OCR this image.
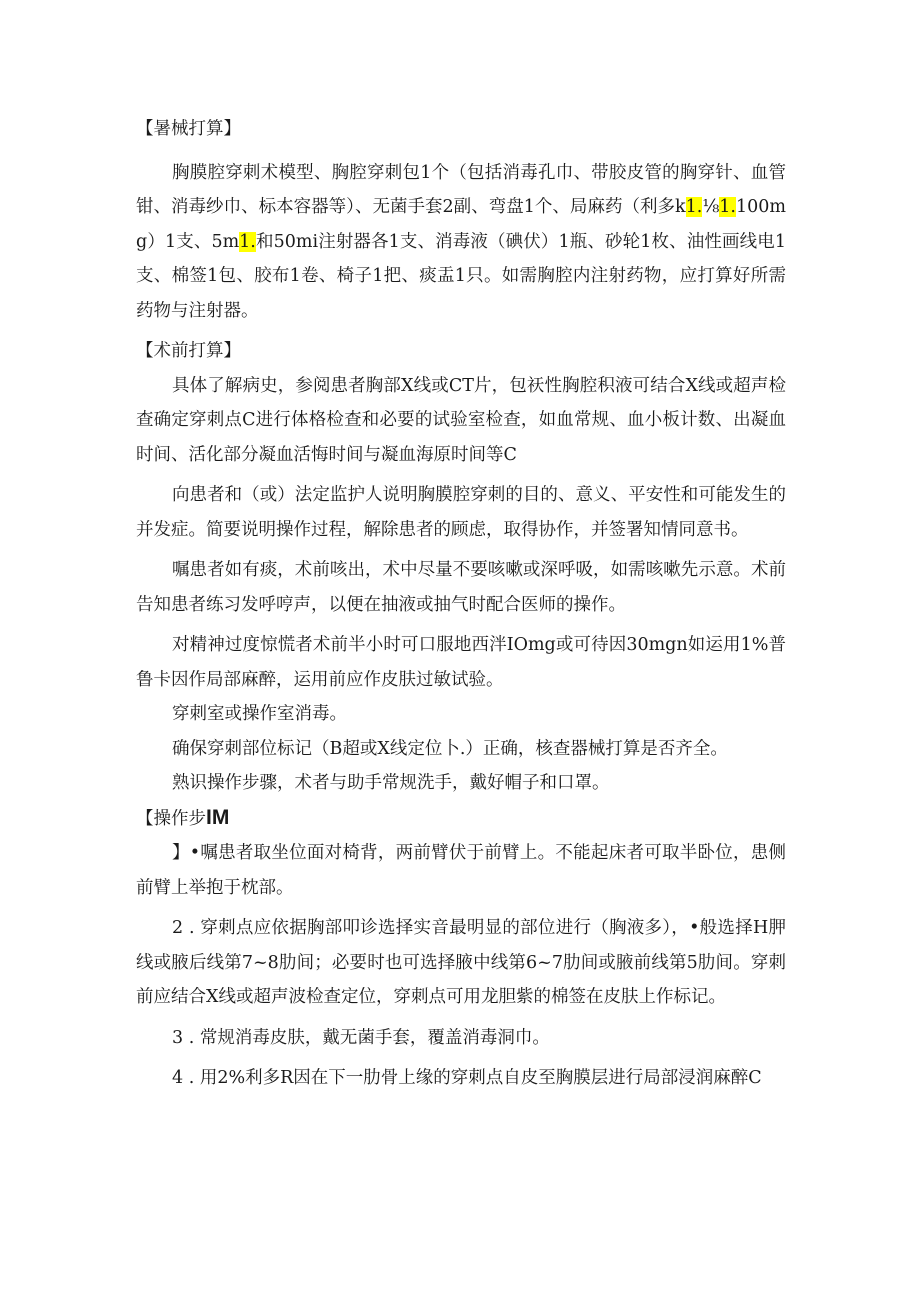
【暑械打算】

胸膜腔穿刺术模型、胸腔穿刺包1个（包括消毒孔巾、带胶皮管的胸穿针、血管钳、消毒纱巾、标本容器等）、无菌手套2副、弯盘1个、局麻药（利多k1.⅛1.100mg）1支、5m1.和50mi注射器各1支、消毒液（碘伏）1瓶、砂轮1枚、油性画线电1支、棉签1包、胶布1卷、椅子1把、痰盂1只。如需胸腔内注射药物，应打算好所需药物与注射器。

【术前打算】

具体了解病史，参阅患者胸部X线或CT片，包祆性胸腔积液可结合X线或超声检查确定穿刺点C进行体格检查和必要的试验室检查，如血常规、血小板计数、出凝血时间、活化部分凝血活悔时间与凝血海原时间等C

向患者和（或）法定监护人说明胸膜腔穿刺的目的、意义、平安性和可能发生的并发症。简要说明操作过程，解除患者的顾虑，取得协作，并签署知情同意书。

嘱患者如有痰，术前咳出，术中尽量不要咳嗽或深呼吸，如需咳嗽先示意。术前告知患者练习发呼哼声，以便在抽液或抽气时配合医师的操作。

对精神过度惊慌者术前半小时可口服地西泮IOmg或可待因30mgn如运用1%普鲁卡因作局部麻醉，运用前应作皮肤过敏试验。

穿刺室或操作室消毒。

确保穿刺部位标记（B超或X线定位卜.）正确，核查器械打算是否齐全。

熟识操作步骤，术者与助手常规洗手，戴好帽子和口罩。

【操作步IM

】•嘱患者取坐位面对椅背，两前臂伏于前臂上。不能起床者可取半卧位，患侧前臂上举抱于枕部。

2 . 穿刺点应依据胸部叩诊选择实音最明显的部位进行（胸液多），•般选择H胛线或腋后线第7~8肋间；必要时也可选择腋中线第6~7肋间或腋前线第5肋间。穿刺前应结合X线或超声波检查定位，穿刺点可用龙胆紫的棉签在皮肤上作标记。

3 . 常规消毒皮肤，戴无菌手套，覆盖消毒洞巾。

4 . 用2%利多R因在下一肋骨上缘的穿刺点自皮至胸膜层进行局部浸润麻醉C
